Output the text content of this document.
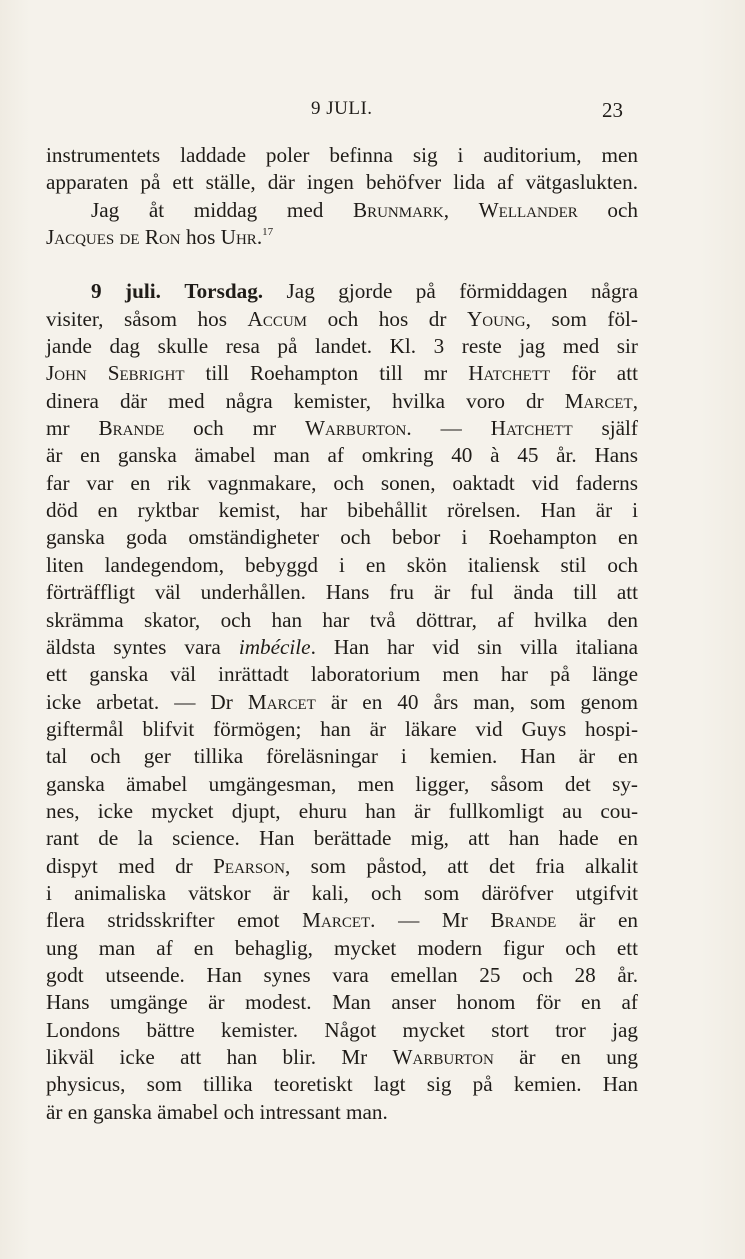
9 JULI.	23
instrumentets laddade poler befinna sig i auditorium, men
apparaten på ett ställe, där ingen behöfver lida af vätgaslukten.
Jag åt middag med Brunmark, Wellander och
Jacques de Ron hos Uhr.$^{17}$
9 juli. Torsdag. Jag gjorde på förmiddagen några
visiter, såsom hos Accum och hos dr Young, som föl-
jande dag skulle resa på landet. Kl. 3 reste jag med sir
John Sebright till Roehampton till mr Hatchett för att
dinera där med några kemister, hvilka voro dr Marcet,
mr Brande och mr Warburton. — Hatchett själf
är en ganska ämabel man af omkring 40 à 45 år. Hans
far var en rik vagnmakare, och sonen, oaktadt vid faderns
död en ryktbar kemist, har bibehållit rörelsen. Han är i
ganska goda omständigheter och bebor i Roehampton en
liten landegendom, bebyggd i en skön italiensk stil och
förträffligt väl underhållen. Hans fru är ful ända till att
skrämma skator, och han har två döttrar, af hvilka den
äldsta syntes vara imbécile. Han har vid sin villa italiana
ett ganska väl inrättadt laboratorium men har på länge
icke arbetat. — Dr Marcet är en 40 års man, som genom
giftermål blifvit förmögen; han är läkare vid Guys hospi-
tal och ger tillika föreläsningar i kemien. Han är en
ganska ämabel umgängesman, men ligger, såsom det sy-
nes, icke mycket djupt, ehuru han är fullkomligt au cou-
rant de la science. Han berättade mig, att han hade en
dispyt med dr Pearson, som påstod, att det fria alkalit
i animaliska vätskor är kali, och som däröfver utgifvit
flera stridsskrifter emot Marcet. — Mr Brande är en
ung man af en behaglig, mycket modern figur och ett
godt utseende. Han synes vara emellan 25 och 28 år.
Hans umgänge är modest. Man anser honom för en af
Londons bättre kemister. Något mycket stort tror jag
likväl icke att han blir. Mr Warburton är en ung
physicus, som tillika teoretiskt lagt sig på kemien. Han
är en ganska ämabel och intressant man.
